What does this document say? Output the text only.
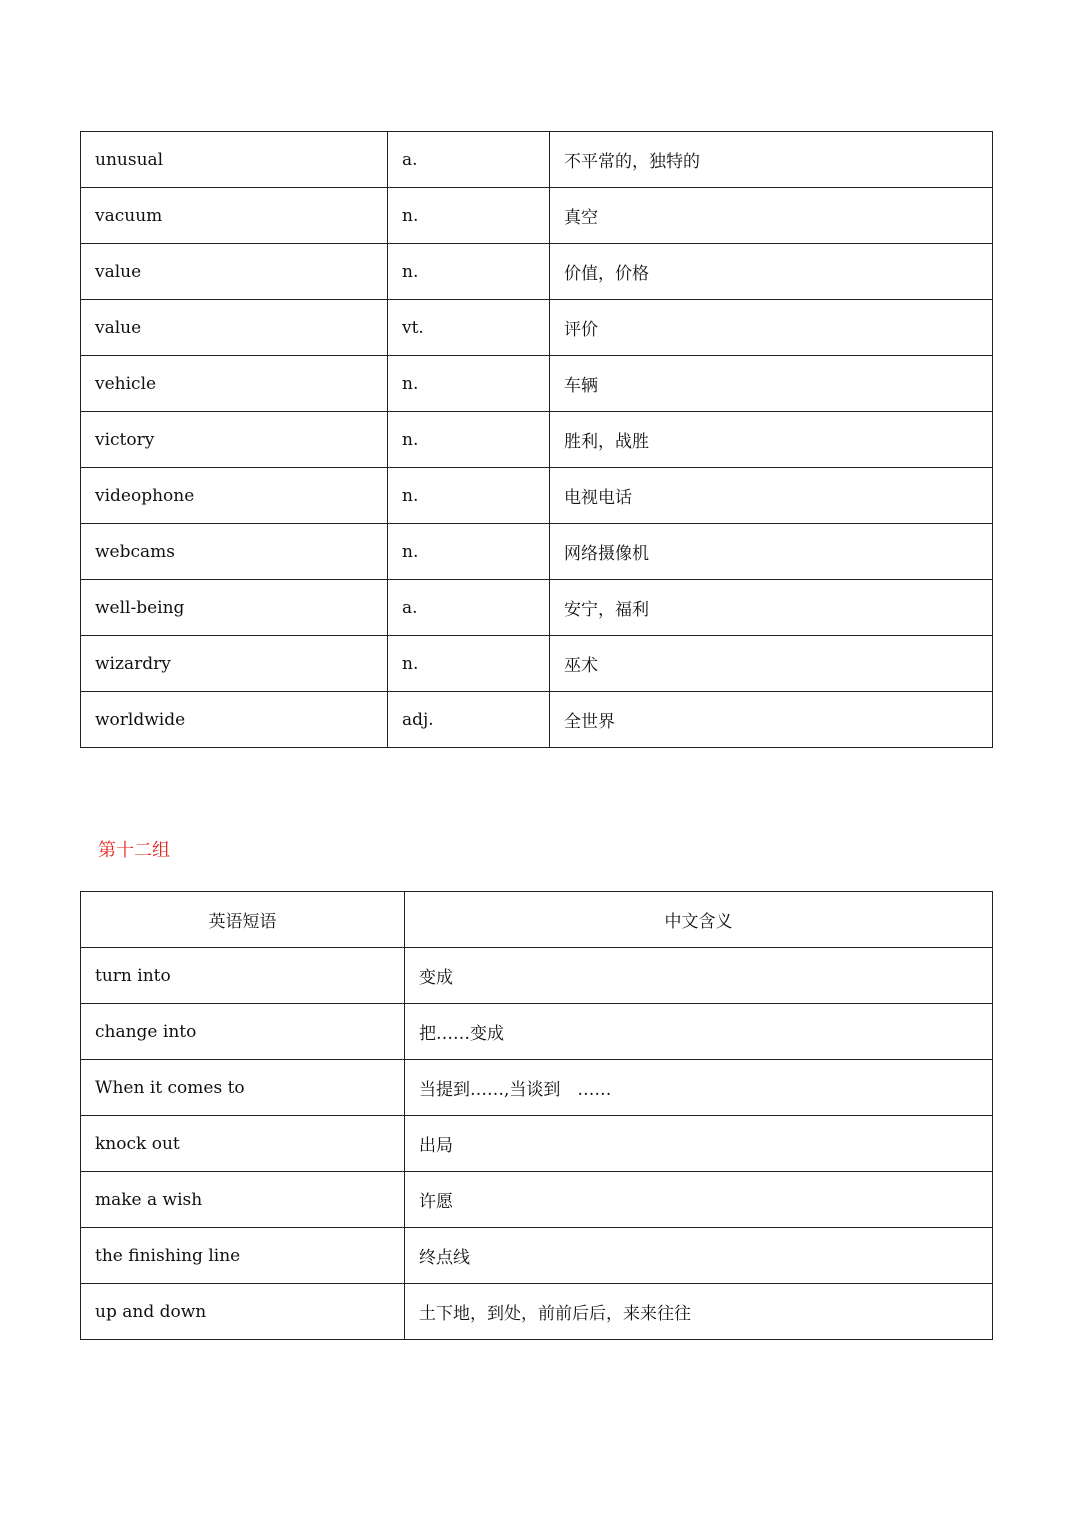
unusual	a.	不平常的，独特的
vacuum	n.	真空
value	n.	价值，价格
value	vt.	评价
vehicle	n.	车辆
victory	n.	胜利，战胜
videophone	n.	电视电话
webcams	n.	网络摄像机
well-being	a.	安宁，福利
wizardry	n.	巫术
worldwide	adj.	全世界
第十二组
英语短语	中文含义
turn into	变成
change into	把……变成
When it comes to	当提到……,当谈到　……
knock out	出局
make a wish	许愿
the finishing line	终点线
up and down	土下地，到处，前前后后，来来往往
